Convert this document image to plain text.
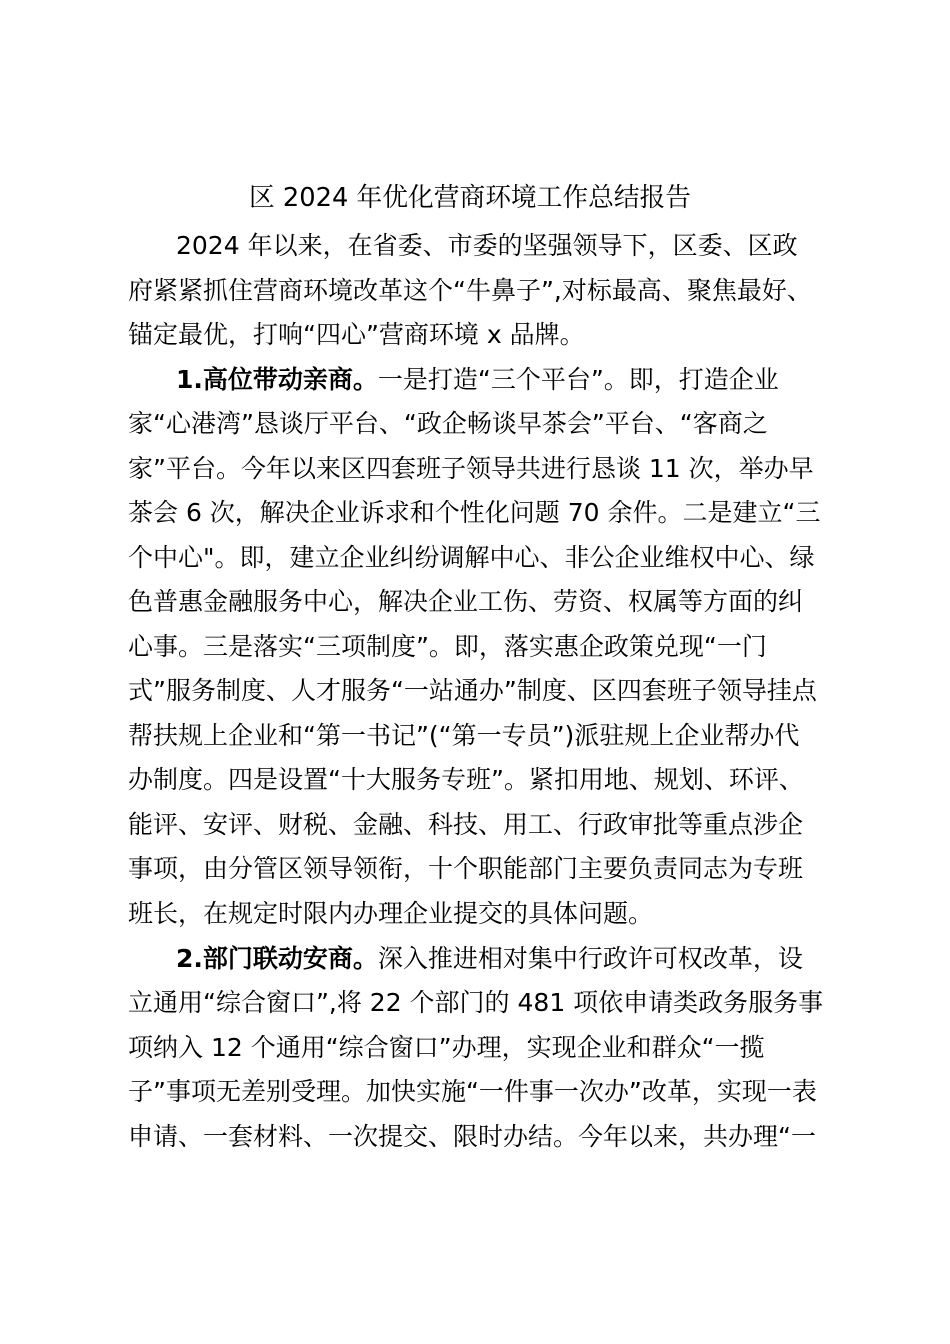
区 2024 年优化营商环境工作总结报告
2024 年以来，在省委、市委的坚强领导下，区委、区政
府紧紧抓住营商环境改革这个“牛鼻子”,对标最高、聚焦最好、
锚定最优，打响“四心”营商环境 x 品牌。
1.高位带动亲商。一是打造“三个平台”。即，打造企业
家“心港湾”恳谈厅平台、“政企畅谈早茶会”平台、“客商之
家”平台。今年以来区四套班子领导共进行恳谈 11 次，举办早
茶会 6 次，解决企业诉求和个性化问题 70 余件。二是建立“三
个中心"。即，建立企业纠纷调解中心、非公企业维权中心、绿
色普惠金融服务中心，解决企业工伤、劳资、权属等方面的纠
心事。三是落实“三项制度”。即，落实惠企政策兑现“一门
式”服务制度、人才服务“一站通办”制度、区四套班子领导挂点
帮扶规上企业和“第一书记”(“第一专员”)派驻规上企业帮办代
办制度。四是设置“十大服务专班”。紧扣用地、规划、环评、
能评、安评、财税、金融、科技、用工、行政审批等重点涉企
事项，由分管区领导领衔，十个职能部门主要负责同志为专班
班长，在规定时限内办理企业提交的具体问题。
2.部门联动安商。深入推进相对集中行政许可权改革，设
立通用“综合窗口”,将 22 个部门的 481 项依申请类政务服务事
项纳入 12 个通用“综合窗口”办理，实现企业和群众“一揽
子”事项无差别受理。加快实施“一件事一次办”改革，实现一表
申请、一套材料、一次提交、限时办结。今年以来，共办理“一
